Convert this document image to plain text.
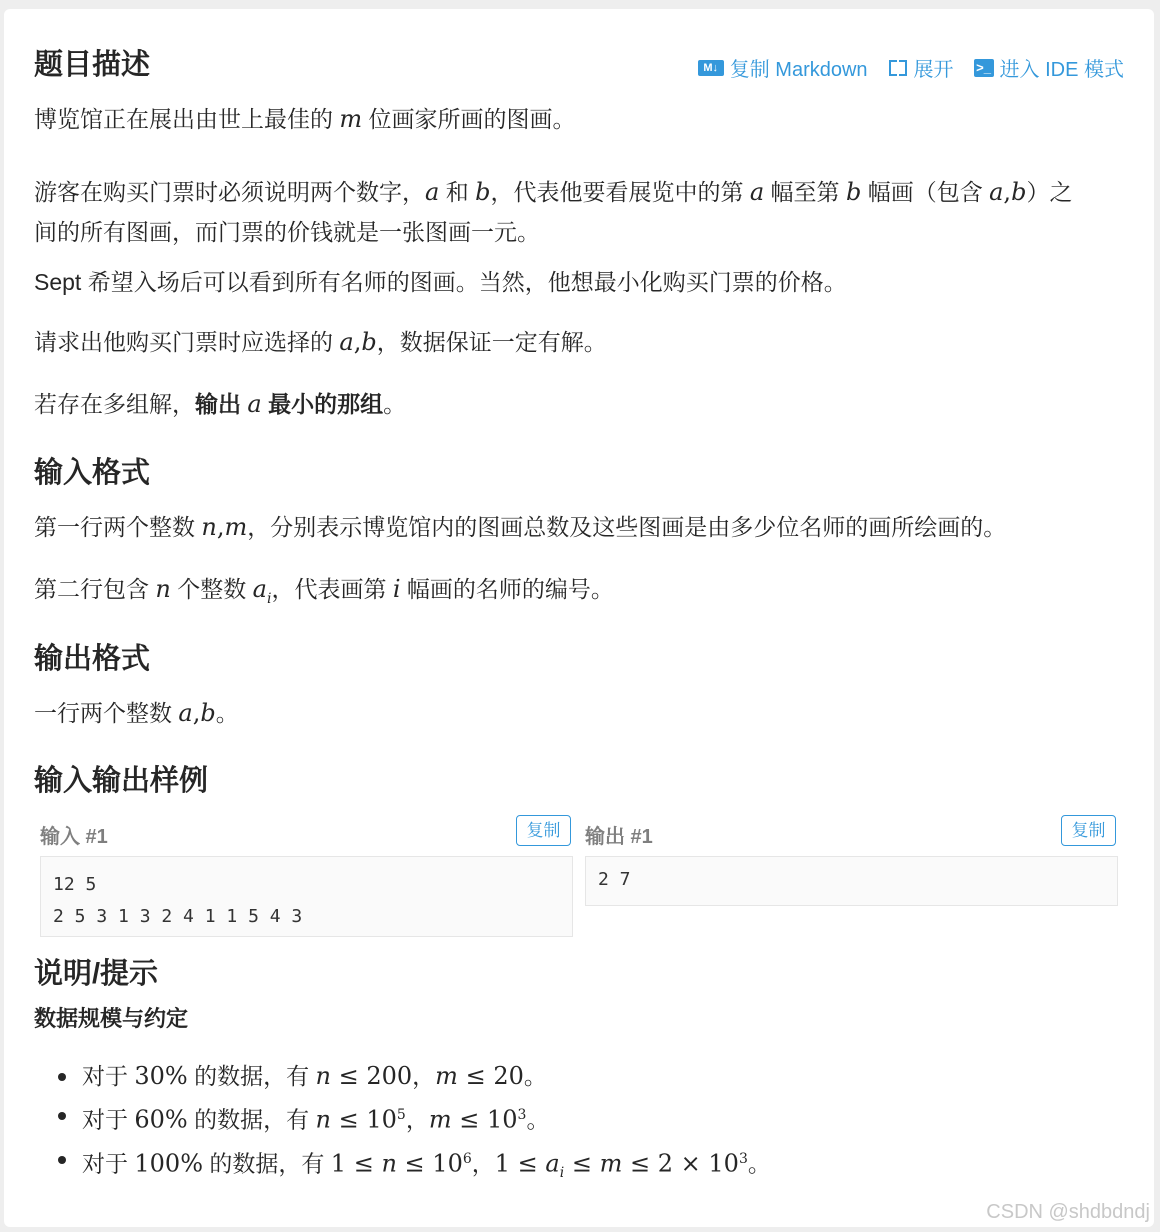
M↓ 复制 Markdown 展开 >_ 进入 IDE 模式
题目描述

博览馆正在展出由世上最佳的 m 位画家所画的图画。

游客在购买门票时必须说明两个数字，a 和 b，代表他要看展览中的第 a 幅至第 b 幅画（包含 a,b）之
间的所有图画，而门票的价钱就是一张图画一元。

Sept 希望入场后可以看到所有名师的图画。当然，他想最小化购买门票的价格。

请求出他购买门票时应选择的 a,b，数据保证一定有解。

若存在多组解，输出 a 最小的那组。

输入格式

第一行两个整数 n,m，分别表示博览馆内的图画总数及这些图画是由多少位名师的画所绘画的。

第二行包含 n 个整数 $a_i$，代表画第 i 幅画的名师的编号。

输出格式

一行两个整数 a,b。

输入输出样例
输入 #1	复制
12 5
2 5 3 1 3 2 4 1 1 5 4 3
输出 #1	复制
2 7
说明/提示
数据规模与约定
对于 30% 的数据，有 n ≤ 200，m ≤ 20。
对于 60% 的数据，有 $n \le 10^5$，$m \le 10^3$。
对于 100% 的数据，有 $1 \le n \le 10^6$，$1 \le a_i \le m \le 2 \times 10^3$。
CSDN @shdbdndj
